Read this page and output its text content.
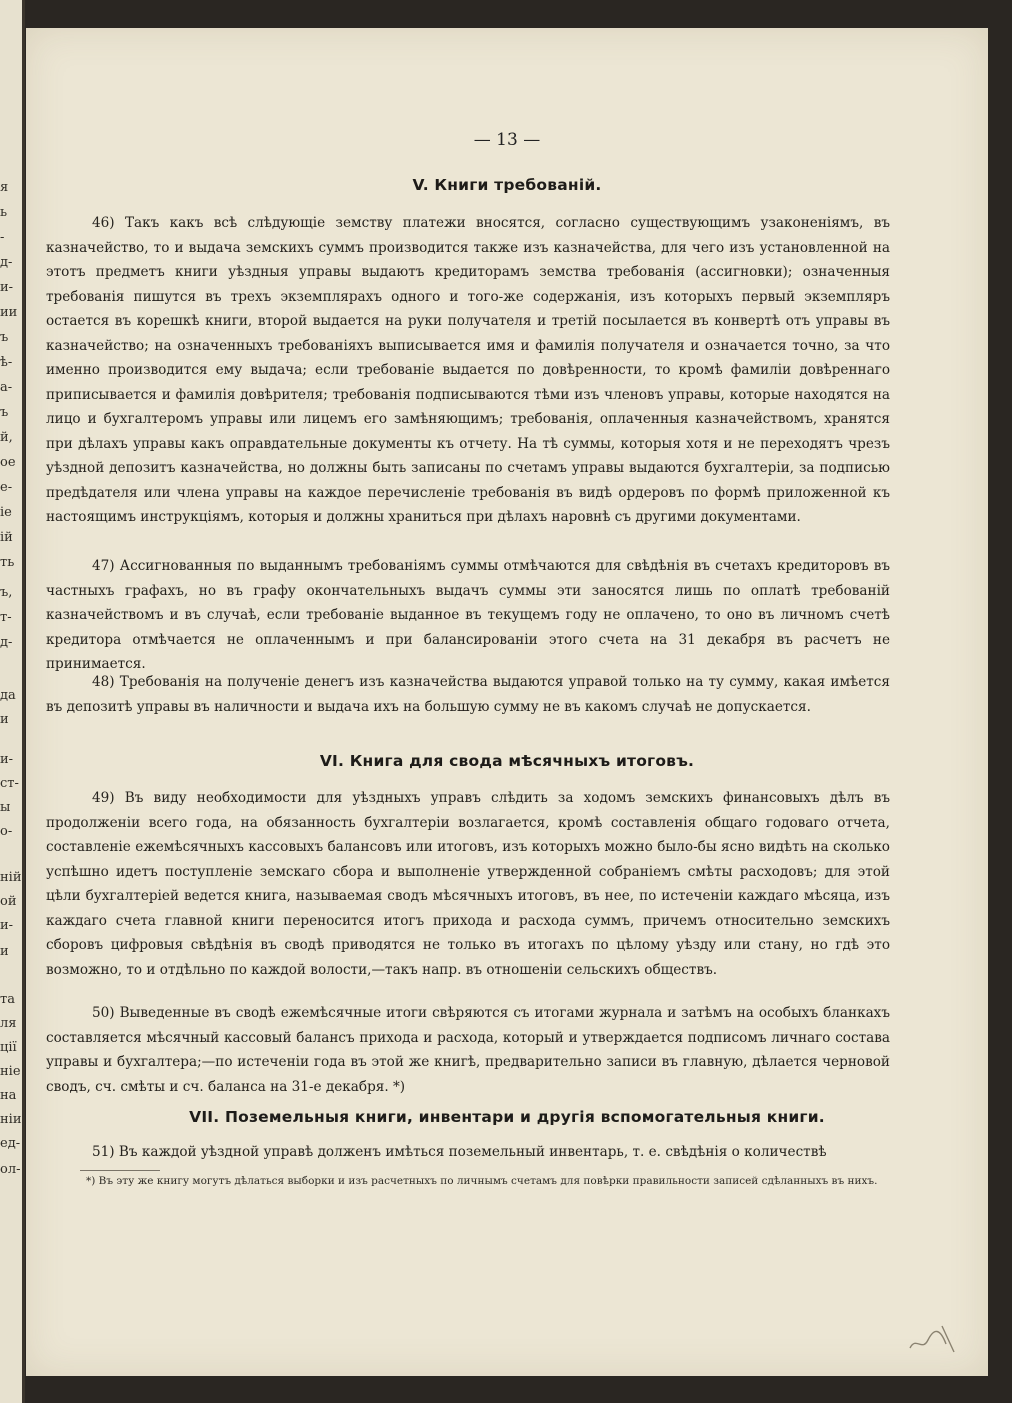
я
ь
-
д-
и-
ии
ъ
ѣ-
а-
ъ
й,
ое
е-
іе
ій
ть
ъ,
т-
д-
да
и
и-
ст-
ы
о-
ній
ой
и-
и
та
ля
ції
ніе
на
ніи
ед-
ол-
— 13 —
V. Книги требованій.

46) Такъ какъ всѣ слѣдующіе земству платежи вносятся, согласно существующимъ узаконеніямъ, въ казначейство, то и выдача земскихъ суммъ производится также изъ казначейства, для чего изъ установленной на этотъ предметъ книги уѣздныя управы выдаютъ кредиторамъ земства требованія (ассигновки); означенныя требованія пишутся въ трехъ экземплярахъ одного и того-же содержанія, изъ которыхъ первый экземпляръ остается въ корешкѣ книги, второй выдается на руки получателя и третій посылается въ конвертѣ отъ управы въ казначейство; на означенныхъ требованіяхъ выписывается имя и фамилія получателя и означается точно, за что именно производится ему выдача; если требованіе выдается по довѣренности, то кромѣ фамиліи довѣреннаго приписывается и фамилія довѣрителя; требованія подписываются тѣми изъ членовъ управы, которые находятся на лицо и бухгалтеромъ управы или лицемъ его замѣняющимъ; требованія, оплаченныя казначействомъ, хранятся при дѣлахъ управы какъ оправдательные документы къ отчету. На тѣ суммы, которыя хотя и не переходятъ чрезъ уѣздной депозитъ казначейства, но должны быть записаны по счетамъ управы выдаются бухгалтеріи, за подписью предѣдателя или члена управы на каждое перечисленіе требованія въ видѣ ордеровъ по формѣ приложенной къ настоящимъ инструкціямъ, которыя и должны храниться при дѣлахъ наровнѣ съ другими документами.

47) Ассигнованныя по выданнымъ требованіямъ суммы отмѣчаются для свѣдѣнія въ счетахъ кредиторовъ въ частныхъ графахъ, но въ графу окончательныхъ выдачъ суммы эти заносятся лишь по оплатѣ требованій казначействомъ и въ случаѣ, если требованіе выданное въ текущемъ году не оплачено, то оно въ личномъ счетѣ кредитора отмѣчается не оплаченнымъ и при балансированіи этого счета на 31 декабря въ расчетъ не принимается.

48) Требованія на полученіе денегъ изъ казначейства выдаются управой только на ту сумму, какая имѣется въ депозитѣ управы въ наличности и выдача ихъ на большую сумму не въ какомъ случаѣ не допускается.

VI. Книга для свода мѣсячныхъ итоговъ.

49) Въ виду необходимости для уѣздныхъ управъ слѣдить за ходомъ земскихъ финансовыхъ дѣлъ въ продолженіи всего года, на обязанность бухгалтеріи возлагается, кромѣ составленія общаго годоваго отчета, составленіе ежемѣсячныхъ кассовыхъ балансовъ или итоговъ, изъ которыхъ можно было-бы ясно видѣть на сколько успѣшно идетъ поступленіе земскаго сбора и выполненіе утвержденной собраніемъ смѣты расходовъ; для этой цѣли бухгалтеріей ведется книга, называемая сводъ мѣсячныхъ итоговъ, въ нее, по истеченіи каждаго мѣсяца, изъ каждаго счета главной книги переносится итогъ прихода и расхода суммъ, причемъ относительно земскихъ сборовъ цифровыя свѣдѣнія въ сводѣ приводятся не только въ итогахъ по цѣлому уѣзду или стану, но гдѣ это возможно, то и отдѣльно по каждой волости,—такъ напр. въ отношеніи сельскихъ обществъ.

50) Выведенные въ сводѣ ежемѣсячные итоги свѣряются съ итогами журнала и затѣмъ на особыхъ бланкахъ составляется мѣсячный кассовый балансъ прихода и расхода, который и утверждается подписомъ личнаго состава управы и бухгалтера;—по истеченіи года въ этой же книгѣ, предварительно записи въ главную, дѣлается черновой сводъ, сч. смѣты и сч. баланса на 31-е декабря. *)

VII. Поземельныя книги, инвентари и другія вспомогательныя книги.

51) Въ каждой уѣздной управѣ долженъ имѣться поземельный инвентарь, т. е. свѣдѣнія о количествѣ

*) Въ эту же книгу могутъ дѣлаться выборки и изъ расчетныхъ по личнымъ счетамъ для повѣрки правильности записей сдѣланныхъ въ нихъ.
